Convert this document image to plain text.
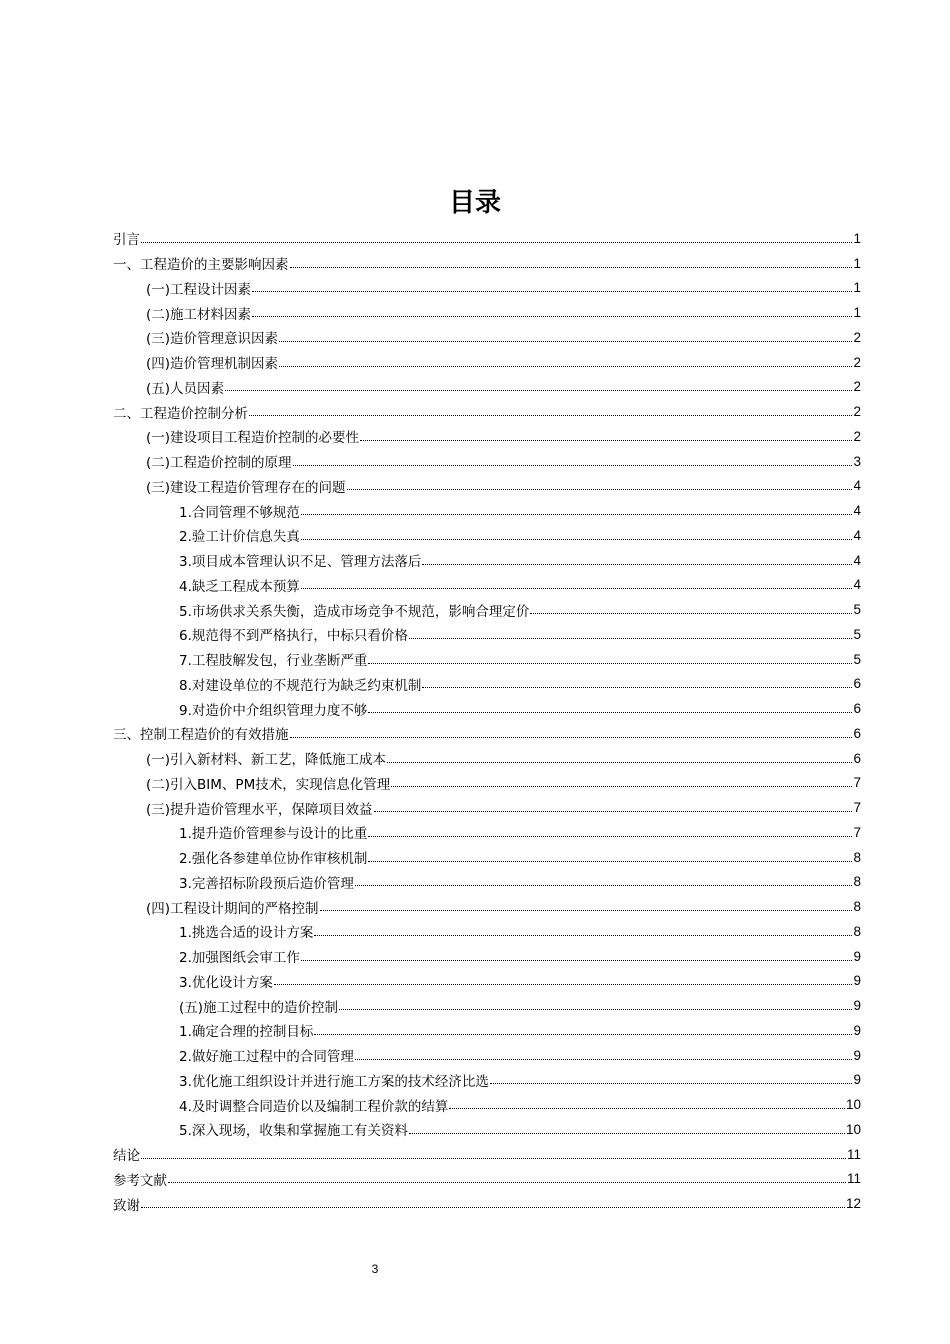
目录
引言	1
一、工程造价的主要影响因素	1
(一)工程设计因素	1
(二)施工材料因素	1
(三)造价管理意识因素	2
(四)造价管理机制因素	2
(五)人员因素	2
二、工程造价控制分析	2
(一)建设项目工程造价控制的必要性	2
(二)工程造价控制的原理	3
(三)建设工程造价管理存在的问题	4
1.合同管理不够规范	4
2.验工计价信息失真	4
3.项目成本管理认识不足、管理方法落后	4
4.缺乏工程成本预算	4
5.市场供求关系失衡，造成市场竞争不规范，影响合理定价	5
6.规范得不到严格执行，中标只看价格	5
7.工程肢解发包，行业垄断严重	5
8.对建设单位的不规范行为缺乏约束机制	6
9.对造价中介组织管理力度不够	6
三、控制工程造价的有效措施	6
(一)引入新材料、新工艺，降低施工成本	6
(二)引入BIM、PM技术，实现信息化管理	7
(三)提升造价管理水平，保障项目效益	7
1.提升造价管理参与设计的比重	7
2.强化各参建单位协作审核机制	8
3.完善招标阶段预后造价管理	8
(四)工程设计期间的严格控制	8
1.挑选合适的设计方案	8
2.加强图纸会审工作	9
3.优化设计方案	9
(五)施工过程中的造价控制	9
1.确定合理的控制目标	9
2.做好施工过程中的合同管理	9
3.优化施工组织设计并进行施工方案的技术经济比选	9
4.及时调整合同造价以及编制工程价款的结算	10
5.深入现场，收集和掌握施工有关资料	10
结论	11
参考文献	11
致谢	12
3
